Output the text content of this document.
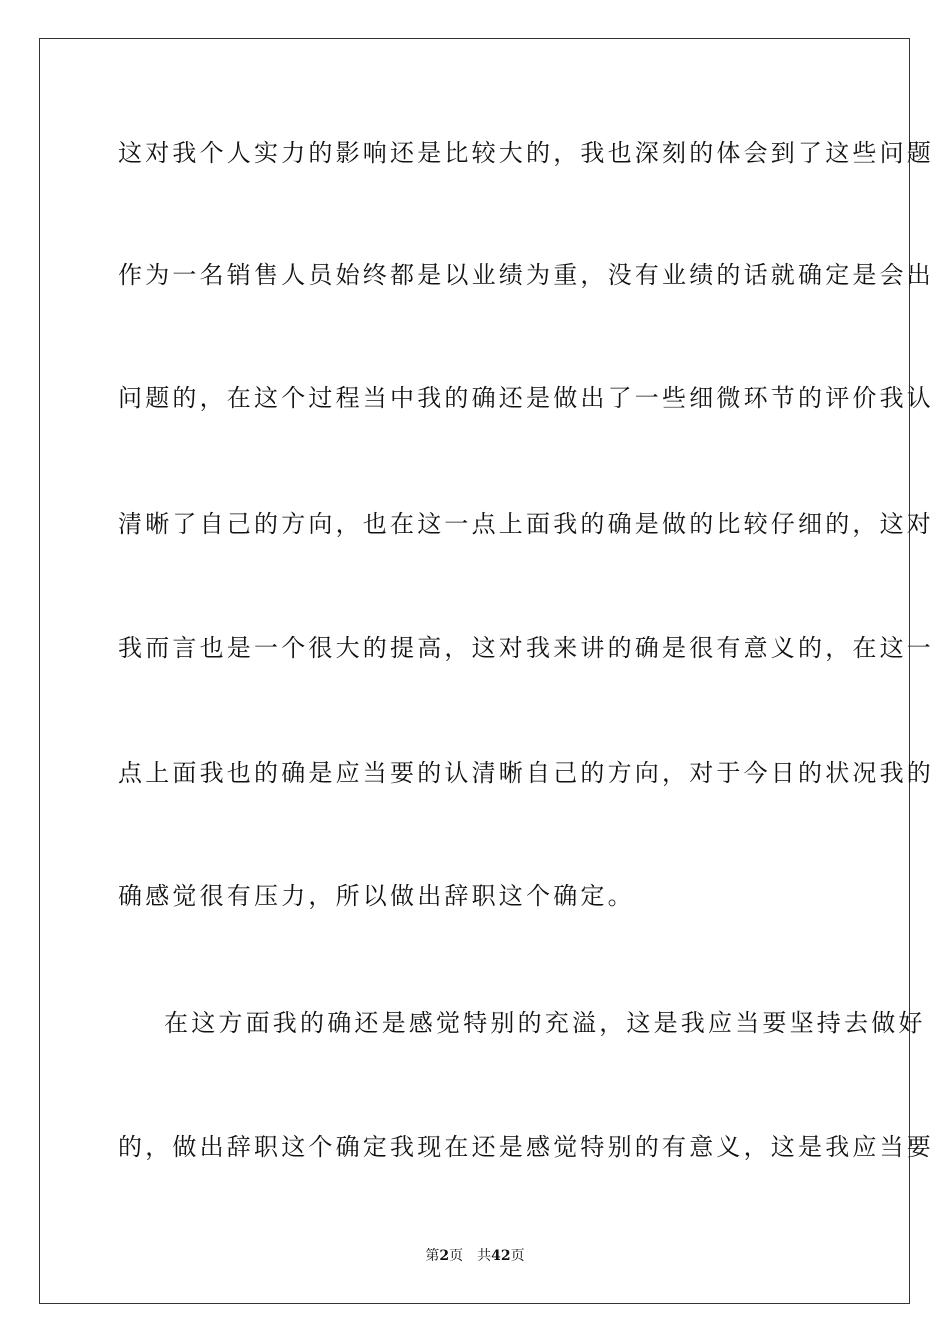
这对我个人实力的影响还是比较大的，我也深刻的体会到了这些问题
作为一名销售人员始终都是以业绩为重，没有业绩的话就确定是会出
问题的，在这个过程当中我的确还是做出了一些细微环节的评价我认
清晰了自己的方向，也在这一点上面我的确是做的比较仔细的，这对
我而言也是一个很大的提高，这对我来讲的确是很有意义的，在这一
点上面我也的确是应当要的认清晰自己的方向，对于今日的状况我的
确感觉很有压力，所以做出辞职这个确定。
在这方面我的确还是感觉特别的充溢，这是我应当要坚持去做好
的，做出辞职这个确定我现在还是感觉特别的有意义，这是我应当要
第2页 共42页
